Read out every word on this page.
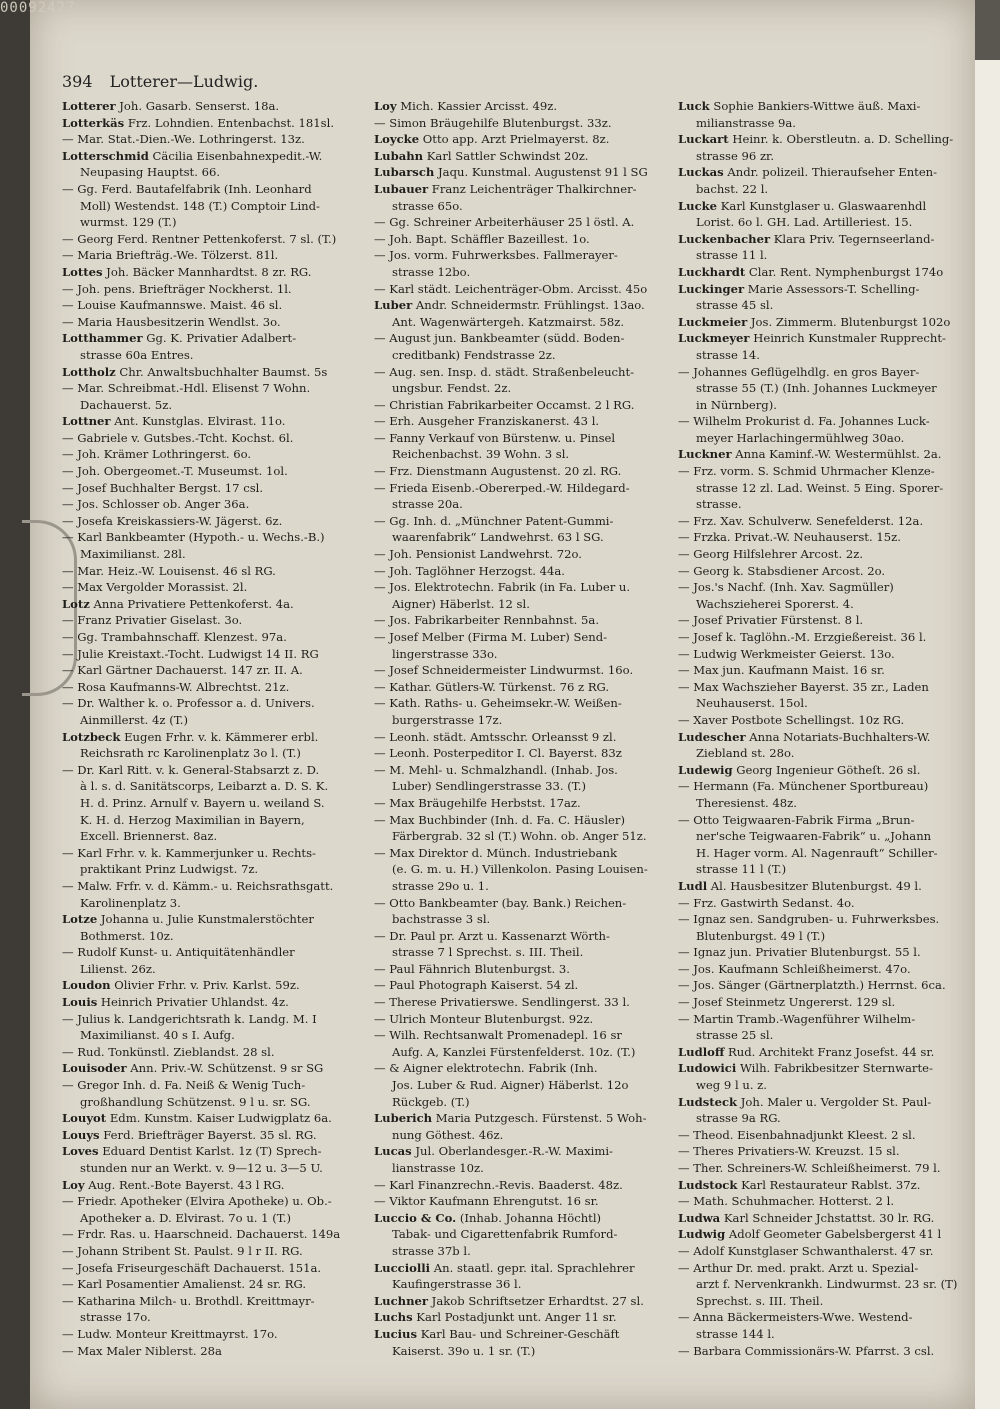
00092427
394 Lotterer—Ludwig.
Lotterer Joh. Gasarb. Senserst. 18a.
Lotterkäs Frz. Lohndien. Entenbachst. 181sl.
— Mar. Stat.-Dien.-We. Lothringerst. 13z.
Lotterschmid Cäcilia Eisenbahnexpedit.-W.
Neupasing Hauptst. 66.
— Gg. Ferd. Bautafelfabrik (Inh. Leonhard
Moll) Westendst. 148 (T.) Comptoir Lind-
wurmst. 129 (T.)
— Georg Ferd. Rentner Pettenkoferst. 7 sl. (T.)
— Maria Briefträg.-We. Tölzerst. 81l.
Lottes Joh. Bäcker Mannhardtst. 8 zr. RG.
— Joh. pens. Briefträger Nockherst. 1l.
— Louise Kaufmannswe. Maist. 46 sl.
— Maria Hausbesitzerin Wendlst. 3o.
Lotthammer Gg. K. Privatier Adalbert-
strasse 60a Entres.
Lottholz Chr. Anwaltsbuchhalter Baumst. 5s
— Mar. Schreibmat.-Hdl. Elisenst 7 Wohn.
Dachauerst. 5z.
Lottner Ant. Kunstglas. Elvirast. 11o.
— Gabriele v. Gutsbes.-Tcht. Kochst. 6l.
— Joh. Krämer Lothringerst. 6o.
— Joh. Obergeomet.-T. Museumst. 1ol.
— Josef Buchhalter Bergst. 17 csl.
— Jos. Schlosser ob. Anger 36a.
— Josefa Kreiskassiers-W. Jägerst. 6z.
— Karl Bankbeamter (Hypoth.- u. Wechs.-B.)
Maximilianst. 28l.
— Mar. Heiz.-W. Louisenst. 46 sl RG.
— Max Vergolder Morassist. 2l.
Lotz Anna Privatiere Pettenkoferst. 4a.
— Franz Privatier Giselast. 3o.
— Gg. Trambahnschaff. Klenzest. 97a.
— Julie Kreistaxt.-Tocht. Ludwigst 14 II. RG
— Karl Gärtner Dachauerst. 147 zr. II. A.
— Rosa Kaufmanns-W. Albrechtst. 21z.
— Dr. Walther k. o. Professor a. d. Univers.
Ainmillerst. 4z (T.)
Lotzbeck Eugen Frhr. v. k. Kämmerer erbl.
Reichsrath rc Karolinenplatz 3o l. (T.)
— Dr. Karl Ritt. v. k. General-Stabsarzt z. D.
à l. s. d. Sanitätscorps, Leibarzt a. D. S. K.
H. d. Prinz. Arnulf v. Bayern u. weiland S.
K. H. d. Herzog Maximilian in Bayern,
Excell. Briennerst. 8az.
— Karl Frhr. v. k. Kammerjunker u. Rechts-
praktikant Prinz Ludwigst. 7z.
— Malw. Frfr. v. d. Kämm.- u. Reichsrathsgatt.
Karolinenplatz 3.
Lotze Johanna u. Julie Kunstmalerstöchter
Bothmerst. 10z.
— Rudolf Kunst- u. Antiquitätenhändler
Lilienst. 26z.
Loudon Olivier Frhr. v. Priv. Karlst. 59z.
Louis Heinrich Privatier Uhlandst. 4z.
— Julius k. Landgerichtsrath k. Landg. M. I
Maximilianst. 40 s I. Aufg.
— Rud. Tonkünstl. Zieblandst. 28 sl.
Louisoder Ann. Priv.-W. Schützenst. 9 sr SG
— Gregor Inh. d. Fa. Neiß & Wenig Tuch-
großhandlung Schützenst. 9 l u. sr. SG.
Louyot Edm. Kunstm. Kaiser Ludwigplatz 6a.
Louys Ferd. Briefträger Bayerst. 35 sl. RG.
Loves Eduard Dentist Karlst. 1z (T) Sprech-
stunden nur an Werkt. v. 9—12 u. 3—5 U.
Loy Aug. Rent.-Bote Bayerst. 43 l RG.
— Friedr. Apotheker (Elvira Apotheke) u. Ob.-
Apotheker a. D. Elvirast. 7o u. 1 (T.)
— Frdr. Ras. u. Haarschneid. Dachauerst. 149a
— Johann Stribent St. Paulst. 9 l r II. RG.
— Josefa Friseurgeschäft Dachauerst. 151a.
— Karl Posamentier Amalienst. 24 sr. RG.
— Katharina Milch- u. Brothdl. Kreittmayr-
strasse 17o.
— Ludw. Monteur Kreittmayrst. 17o.
— Max Maler Niblerst. 28a
Loy Mich. Kassier Arcisst. 49z.
— Simon Bräugehilfe Blutenburgst. 33z.
Loycke Otto app. Arzt Prielmayerst. 8z.
Lubahn Karl Sattler Schwindst 20z.
Lubarsch Jaqu. Kunstmal. Augustenst 91 l SG
Lubauer Franz Leichenträger Thalkirchner-
strasse 65o.
— Gg. Schreiner Arbeiterhäuser 25 l östl. A.
— Joh. Bapt. Schäffler Bazeillest. 1o.
— Jos. vorm. Fuhrwerksbes. Fallmerayer-
strasse 12bo.
— Karl städt. Leichenträger-Obm. Arcisst. 45o
Luber Andr. Schneidermstr. Frühlingst. 13ao.
Ant. Wagenwärtergeh. Katzmairst. 58z.
— August jun. Bankbeamter (südd. Boden-
creditbank) Fendstrasse 2z.
— Aug. sen. Insp. d. städt. Straßenbeleucht-
ungsbur. Fendst. 2z.
— Christian Fabrikarbeiter Occamst. 2 l RG.
— Erh. Ausgeher Franziskanerst. 43 l.
— Fanny Verkauf von Bürstenw. u. Pinsel
Reichenbachst. 39 Wohn. 3 sl.
— Frz. Dienstmann Augustenst. 20 zl. RG.
— Frieda Eisenb.-Obererped.-W. Hildegard-
strasse 20a.
— Gg. Inh. d. „Münchner Patent-Gummi-
waarenfabrik“ Landwehrst. 63 l SG.
— Joh. Pensionist Landwehrst. 72o.
— Joh. Taglöhner Herzogst. 44a.
— Jos. Elektrotechn. Fabrik (in Fa. Luber u.
Aigner) Häberlst. 12 sl.
— Jos. Fabrikarbeiter Rennbahnst. 5a.
— Josef Melber (Firma M. Luber) Send-
lingerstrasse 33o.
— Josef Schneidermeister Lindwurmst. 16o.
— Kathar. Gütlers-W. Türkenst. 76 z RG.
— Kath. Raths- u. Geheimsekr.-W. Weißen-
burgerstrasse 17z.
— Leonh. städt. Amtsschr. Orleansst 9 zl.
— Leonh. Posterpeditor I. Cl. Bayerst. 83z
— M. Mehl- u. Schmalzhandl. (Inhab. Jos.
Luber) Sendlingerstrasse 33. (T.)
— Max Bräugehilfe Herbstst. 17az.
— Max Buchbinder (Inh. d. Fa. C. Häusler)
Färbergrab. 32 sl (T.) Wohn. ob. Anger 51z.
— Max Direktor d. Münch. Industriebank
(e. G. m. u. H.) Villenkolon. Pasing Louisen-
strasse 29o u. 1.
— Otto Bankbeamter (bay. Bank.) Reichen-
bachstrasse 3 sl.
— Dr. Paul pr. Arzt u. Kassenarzt Wörth-
strasse 7 l Sprechst. s. III. Theil.
— Paul Fähnrich Blutenburgst. 3.
— Paul Photograph Kaiserst. 54 zl.
— Therese Privatierswe. Sendlingerst. 33 l.
— Ulrich Monteur Blutenburgst. 92z.
— Wilh. Rechtsanwalt Promenadepl. 16 sr
Aufg. A, Kanzlei Fürstenfelderst. 10z. (T.)
— & Aigner elektrotechn. Fabrik (Inh.
Jos. Luber & Rud. Aigner) Häberlst. 12o
Rückgeb. (T.)
Luberich Maria Putzgesch. Fürstenst. 5 Woh-
nung Göthest. 46z.
Lucas Jul. Oberlandesger.-R.-W. Maximi-
lianstrasse 10z.
— Karl Finanzrechn.-Revis. Baaderst. 48z.
— Viktor Kaufmann Ehrengutst. 16 sr.
Luccio & Co. (Inhab. Johanna Höchtl)
Tabak- und Cigarettenfabrik Rumford-
strasse 37b l.
Lucciolli An. staatl. gepr. ital. Sprachlehrer
Kaufingerstrasse 36 l.
Luchner Jakob Schriftsetzer Erhardtst. 27 sl.
Luchs Karl Postadjunkt unt. Anger 11 sr.
Lucius Karl Bau- und Schreiner-Geschäft
Kaiserst. 39o u. 1 sr. (T.)
Luck Sophie Bankiers-Wittwe äuß. Maxi-
milianstrasse 9a.
Luckart Heinr. k. Oberstleutn. a. D. Schelling-
strasse 96 zr.
Luckas Andr. polizeil. Thieraufseher Enten-
bachst. 22 l.
Lucke Karl Kunstglaser u. Glaswaarenhdl
Lorist. 6o l. GH. Lad. Artilleriest. 15.
Luckenbacher Klara Priv. Tegernseerland-
strasse 11 l.
Luckhardt Clar. Rent. Nymphenburgst 174o
Luckinger Marie Assessors-T. Schelling-
strasse 45 sl.
Luckmeier Jos. Zimmerm. Blutenburgst 102o
Luckmeyer Heinrich Kunstmaler Rupprecht-
strasse 14.
— Johannes Geflügelhdlg. en gros Bayer-
strasse 55 (T.) (Inh. Johannes Luckmeyer
in Nürnberg).
— Wilhelm Prokurist d. Fa. Johannes Luck-
meyer Harlachingermühlweg 30ao.
Luckner Anna Kaminf.-W. Westermühlst. 2a.
— Frz. vorm. S. Schmid Uhrmacher Klenze-
strasse 12 zl. Lad. Weinst. 5 Eing. Sporer-
strasse.
— Frz. Xav. Schulverw. Senefelderst. 12a.
— Frzka. Privat.-W. Neuhauserst. 15z.
— Georg Hilfslehrer Arcost. 2z.
— Georg k. Stabsdiener Arcost. 2o.
— Jos.'s Nachf. (Inh. Xav. Sagmüller)
Wachszieherei Sporerst. 4.
— Josef Privatier Fürstenst. 8 l.
— Josef k. Taglöhn.-M. Erzgießereist. 36 l.
— Ludwig Werkmeister Geierst. 13o.
— Max jun. Kaufmann Maist. 16 sr.
— Max Wachszieher Bayerst. 35 zr., Laden
Neuhauserst. 15ol.
— Xaver Postbote Schellingst. 10z RG.
Ludescher Anna Notariats-Buchhalters-W.
Ziebland st. 28o.
Ludewig Georg Ingenieur Götheſt. 26 sl.
— Hermann (Fa. Münchener Sportbureau)
Theresienst. 48z.
— Otto Teigwaaren-Fabrik Firma „Brun-
ner'sche Teigwaaren-Fabrik“ u. „Johann
H. Hager vorm. Al. Nagenrauft“ Schiller-
strasse 11 l (T.)
Ludl Al. Hausbesitzer Blutenburgst. 49 l.
— Frz. Gastwirth Sedanst. 4o.
— Ignaz sen. Sandgruben- u. Fuhrwerksbes.
Blutenburgst. 49 l (T.)
— Ignaz jun. Privatier Blutenburgst. 55 l.
— Jos. Kaufmann Schleißheimerst. 47o.
— Jos. Sänger (Gärtnerplatzth.) Herrnst. 6ca.
— Josef Steinmetz Ungererst. 129 sl.
— Martin Tramb.-Wagenführer Wilhelm-
strasse 25 sl.
Ludloff Rud. Architekt Franz Josefst. 44 sr.
Ludowici Wilh. Fabrikbesitzer Sternwarte-
weg 9 l u. z.
Ludsteck Joh. Maler u. Vergolder St. Paul-
strasse 9a RG.
— Theod. Eisenbahnadjunkt Kleest. 2 sl.
— Theres Privatiers-W. Kreuzst. 15 sl.
— Ther. Schreiners-W. Schleißheimerst. 79 l.
Ludstock Karl Restaurateur Rablst. 37z.
— Math. Schuhmacher. Hotterst. 2 l.
Ludwa Karl Schneider Jchstattst. 30 lr. RG.
Ludwig Adolf Geometer Gabelsbergerst 41 l
— Adolf Kunstglaser Schwanthalerst. 47 sr.
— Arthur Dr. med. prakt. Arzt u. Spezial-
arzt f. Nervenkrankh. Lindwurmst. 23 sr. (T)
Sprechst. s. III. Theil.
— Anna Bäckermeisters-Wwe. Westend-
strasse 144 l.
— Barbara Commissionärs-W. Pfarrst. 3 csl.
